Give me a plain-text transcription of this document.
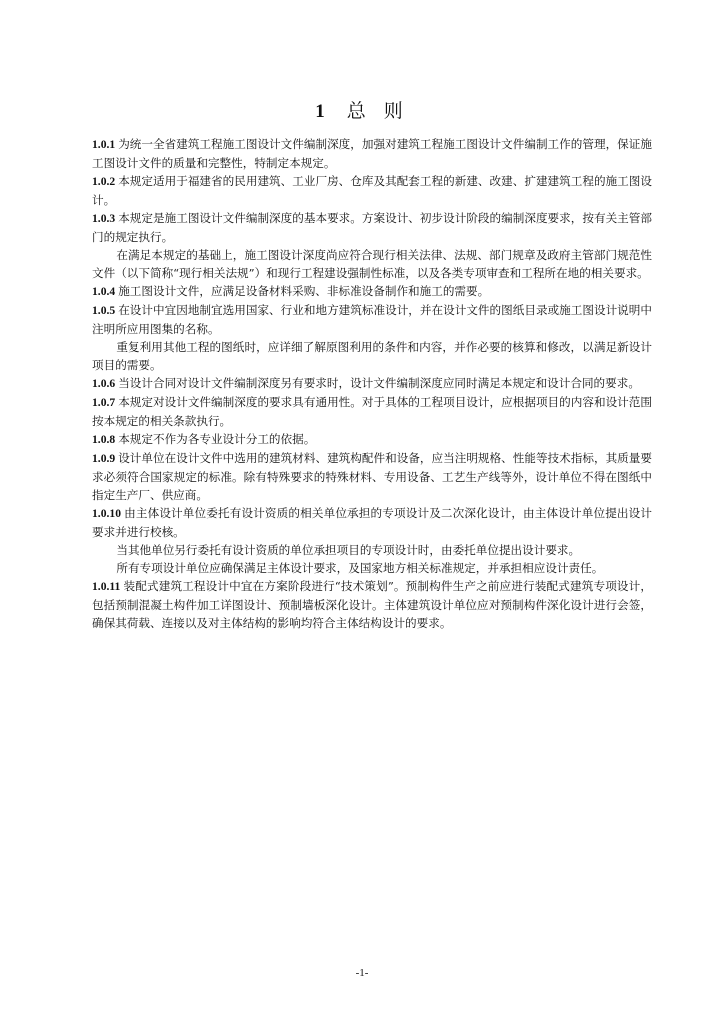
1 总 则

1.0.1 为统一全省建筑工程施工图设计文件编制深度，加强对建筑工程施工图设计文件编制工作的管理，保证施工图设计文件的质量和完整性，特制定本规定。

1.0.2 本规定适用于福建省的民用建筑、工业厂房、仓库及其配套工程的新建、改建、扩建建筑工程的施工图设计。

1.0.3 本规定是施工图设计文件编制深度的基本要求。方案设计、初步设计阶段的编制深度要求，按有关主管部门的规定执行。

在满足本规定的基础上，施工图设计深度尚应符合现行相关法律、法规、部门规章及政府主管部门规范性文件（以下简称“现行相关法规”）和现行工程建设强制性标准，以及各类专项审查和工程所在地的相关要求。

1.0.4 施工图设计文件，应满足设备材料采购、非标准设备制作和施工的需要。

1.0.5 在设计中宜因地制宜选用国家、行业和地方建筑标准设计，并在设计文件的图纸目录或施工图设计说明中注明所应用图集的名称。

重复利用其他工程的图纸时，应详细了解原图利用的条件和内容，并作必要的核算和修改，以满足新设计项目的需要。

1.0.6 当设计合同对设计文件编制深度另有要求时，设计文件编制深度应同时满足本规定和设计合同的要求。

1.0.7 本规定对设计文件编制深度的要求具有通用性。对于具体的工程项目设计，应根据项目的内容和设计范围按本规定的相关条款执行。

1.0.8 本规定不作为各专业设计分工的依据。

1.0.9 设计单位在设计文件中选用的建筑材料、建筑构配件和设备，应当注明规格、性能等技术指标，其质量要求必须符合国家规定的标准。除有特殊要求的特殊材料、专用设备、工艺生产线等外，设计单位不得在图纸中指定生产厂、供应商。

1.0.10 由主体设计单位委托有设计资质的相关单位承担的专项设计及二次深化设计，由主体设计单位提出设计要求并进行校核。

当其他单位另行委托有设计资质的单位承担项目的专项设计时，由委托单位提出设计要求。

所有专项设计单位应确保满足主体设计要求，及国家地方相关标准规定，并承担相应设计责任。

1.0.11 装配式建筑工程设计中宜在方案阶段进行“技术策划”。预制构件生产之前应进行装配式建筑专项设计，包括预制混凝土构件加工详图设计、预制墙板深化设计。主体建筑设计单位应对预制构件深化设计进行会签，确保其荷载、连接以及对主体结构的影响均符合主体结构设计的要求。

-1-
